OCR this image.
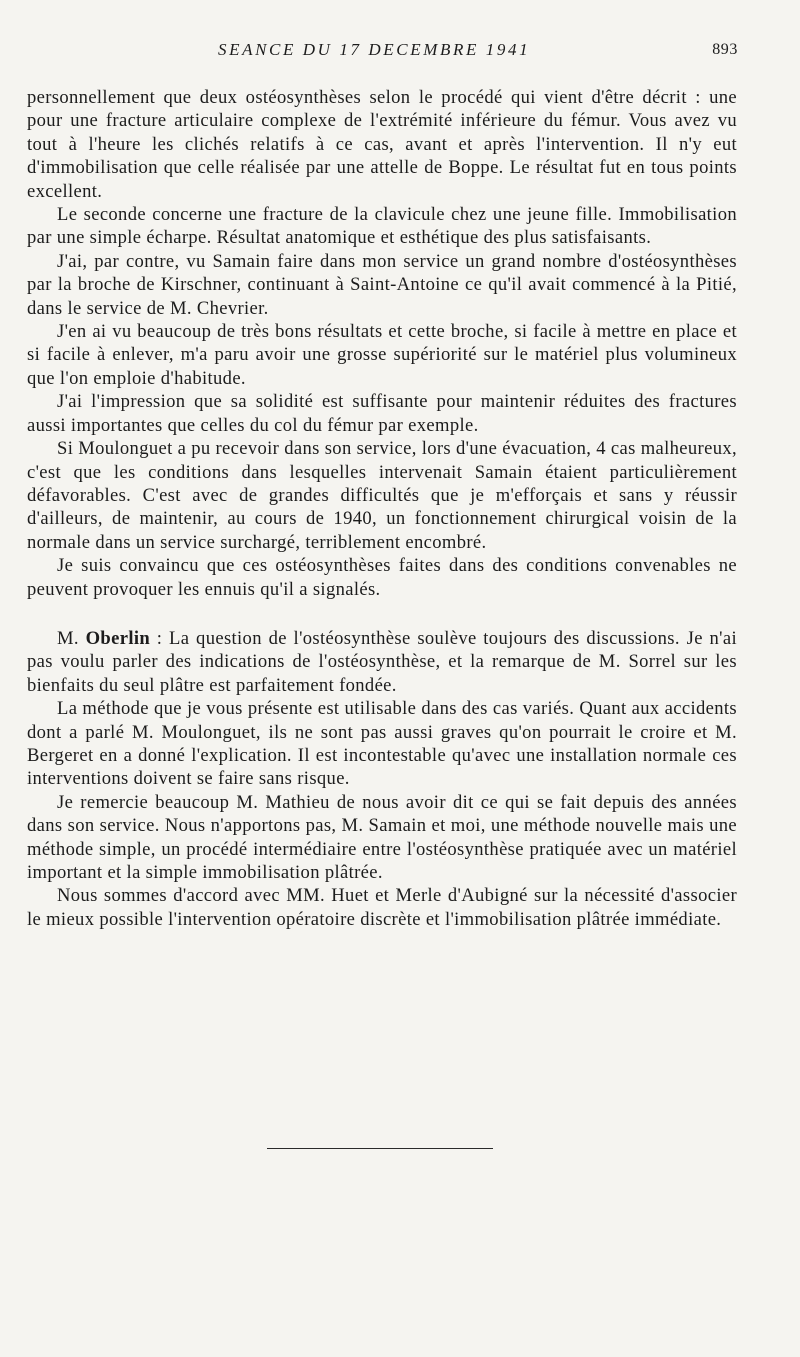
SEANCE DU 17 DECEMBRE 1941	893

personnellement que deux ostéosynthèses selon le procédé qui vient d'être décrit : une pour une fracture articulaire complexe de l'extrémité inférieure du fémur. Vous avez vu tout à l'heure les clichés relatifs à ce cas, avant et après l'intervention. Il n'y eut d'immobilisation que celle réalisée par une attelle de Boppe. Le résultat fut en tous points excellent.

Le seconde concerne une fracture de la clavicule chez une jeune fille. Immobilisation par une simple écharpe. Résultat anatomique et esthétique des plus satisfaisants.

J'ai, par contre, vu Samain faire dans mon service un grand nombre d'ostéosynthèses par la broche de Kirschner, continuant à Saint-Antoine ce qu'il avait commencé à la Pitié, dans le service de M. Chevrier.

J'en ai vu beaucoup de très bons résultats et cette broche, si facile à mettre en place et si facile à enlever, m'a paru avoir une grosse supériorité sur le matériel plus volumineux que l'on emploie d'habitude.

J'ai l'impression que sa solidité est suffisante pour maintenir réduites des fractures aussi importantes que celles du col du fémur par exemple.

Si Moulonguet a pu recevoir dans son service, lors d'une évacuation, 4 cas malheureux, c'est que les conditions dans lesquelles intervenait Samain étaient particulièrement défavorables. C'est avec de grandes difficultés que je m'efforçais et sans y réussir d'ailleurs, de maintenir, au cours de 1940, un fonctionnement chirurgical voisin de la normale dans un service surchargé, terriblement encombré.

Je suis convaincu que ces ostéosynthèses faites dans des conditions convenables ne peuvent provoquer les ennuis qu'il a signalés.

M. Oberlin : La question de l'ostéosynthèse soulève toujours des discussions. Je n'ai pas voulu parler des indications de l'ostéosynthèse, et la remarque de M. Sorrel sur les bienfaits du seul plâtre est parfaitement fondée.

La méthode que je vous présente est utilisable dans des cas variés. Quant aux accidents dont a parlé M. Moulonguet, ils ne sont pas aussi graves qu'on pourrait le croire et M. Bergeret en a donné l'explication. Il est incontestable qu'avec une installation normale ces interventions doivent se faire sans risque.

Je remercie beaucoup M. Mathieu de nous avoir dit ce qui se fait depuis des années dans son service. Nous n'apportons pas, M. Samain et moi, une méthode nouvelle mais une méthode simple, un procédé intermédiaire entre l'ostéosynthèse pratiquée avec un matériel important et la simple immobilisation plâtrée.

Nous sommes d'accord avec MM. Huet et Merle d'Aubigné sur la nécessité d'associer le mieux possible l'intervention opératoire discrète et l'immobilisation plâtrée immédiate.
